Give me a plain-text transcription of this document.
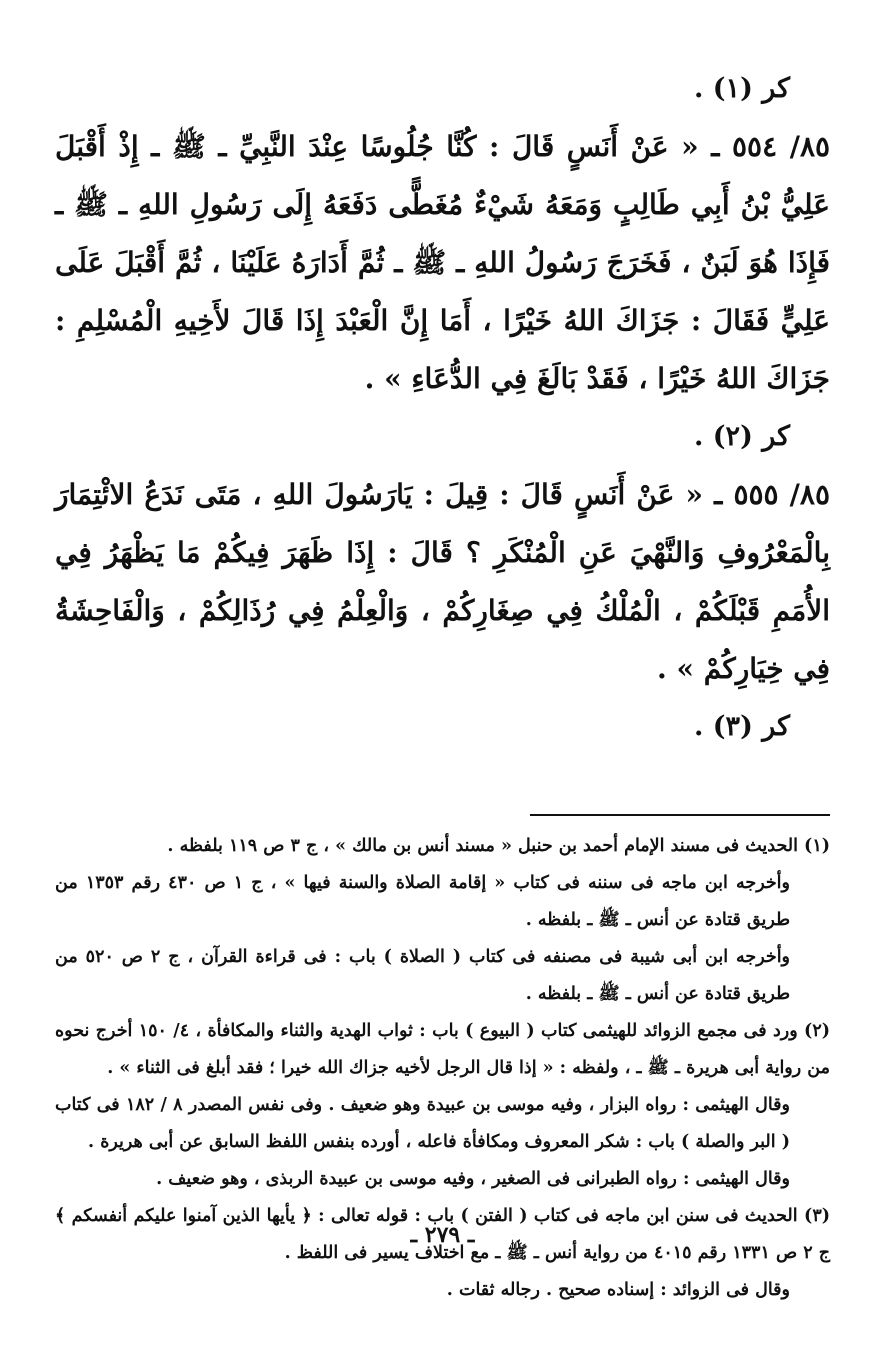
كر (١) .

٨٥/ ٥٥٤ ـ « عَنْ أَنَسٍ قَالَ : كُنَّا جُلُوسًا عِنْدَ النَّبِيِّ ـ ﷺ ـ إِذْ أَقْبَلَ عَلِيُّ بْنُ أَبِي طَالِبٍ وَمَعَهُ شَيْءٌ مُغَطًّى دَفَعَهُ إِلَى رَسُولِ اللهِ ـ ﷺ ـ فَإِذَا هُوَ لَبَنٌ ، فَخَرَجَ رَسُولُ اللهِ ـ ﷺ ـ ثُمَّ أَدَارَهُ عَلَيْنَا ، ثُمَّ أَقْبَلَ عَلَى عَلِيٍّ فَقَالَ : جَزَاكَ اللهُ خَيْرًا ، أَمَا إِنَّ الْعَبْدَ إِذَا قَالَ لأَخِيهِ الْمُسْلِمِ : جَزَاكَ اللهُ خَيْرًا ، فَقَدْ بَالَغَ فِي الدُّعَاءِ » .

كر (٢) .

٨٥/ ٥٥٥ ـ « عَنْ أَنَسٍ قَالَ : قِيلَ : يَارَسُولَ اللهِ ، مَتَى نَدَعُ الائْتِمَارَ بِالْمَعْرُوفِ وَالنَّهْيَ عَنِ الْمُنْكَرِ ؟ قَالَ : إِذَا ظَهَرَ فِيكُمْ مَا يَظْهَرُ فِي الأُمَمِ قَبْلَكُمْ ، الْمُلْكُ فِي صِغَارِكُمْ ، وَالْعِلْمُ فِي رُذَالِكُمْ ، وَالْفَاحِشَةُ فِي خِيَارِكُمْ » .

كر (٣) .

(١) الحديث فى مسند الإمام أحمد بن حنبل « مسند أنس بن مالك » ، ج ٣ ص ١١٩ بلفظه .

وأخرجه ابن ماجه فى سننه فى كتاب « إقامة الصلاة والسنة فيها » ، ج ١ ص ٤٣٠ رقم ١٣٥٣ من طريق قتادة عن أنس ـ ﷺ ـ بلفظه .

وأخرجه ابن أبى شيبة فى مصنفه فى كتاب ( الصلاة ) باب : فى قراءة القرآن ، ج ٢ ص ٥٢٠ من طريق قتادة عن أنس ـ ﷺ ـ بلفظه .

(٢) ورد فى مجمع الزوائد للهيثمى كتاب ( البيوع ) باب : ثواب الهدية والثناء والمكافأة ، ٤/ ١٥٠ أخرج نحوه من رواية أبى هريرة ـ ﷺ ـ ، ولفظه : « إذا قال الرجل لأخيه جزاك الله خيرا ؛ فقد أبلغ فى الثناء » .

وقال الهيثمى : رواه البزار ، وفيه موسى بن عبيدة وهو ضعيف . وفى نفس المصدر ٨ / ١٨٢ فى كتاب ( البر والصلة ) باب : شكر المعروف ومكافأة فاعله ، أورده بنفس اللفظ السابق عن أبى هريرة .

وقال الهيثمى : رواه الطبرانى فى الصغير ، وفيه موسى بن عبيدة الربذى ، وهو ضعيف .

(٣) الحديث فى سنن ابن ماجه فى كتاب ( الفتن ) باب : قوله تعالى : ﴿ يأيها الذين آمنوا عليكم أنفسكم ﴾ ج ٢ ص ١٣٣١ رقم ٤٠١٥ من رواية أنس ـ ﷺ ـ مع اختلاف يسير فى اللفظ .

وقال فى الزوائد : إسناده صحيح . رجاله ثقات .

ـ ٢٧٩ ـ
